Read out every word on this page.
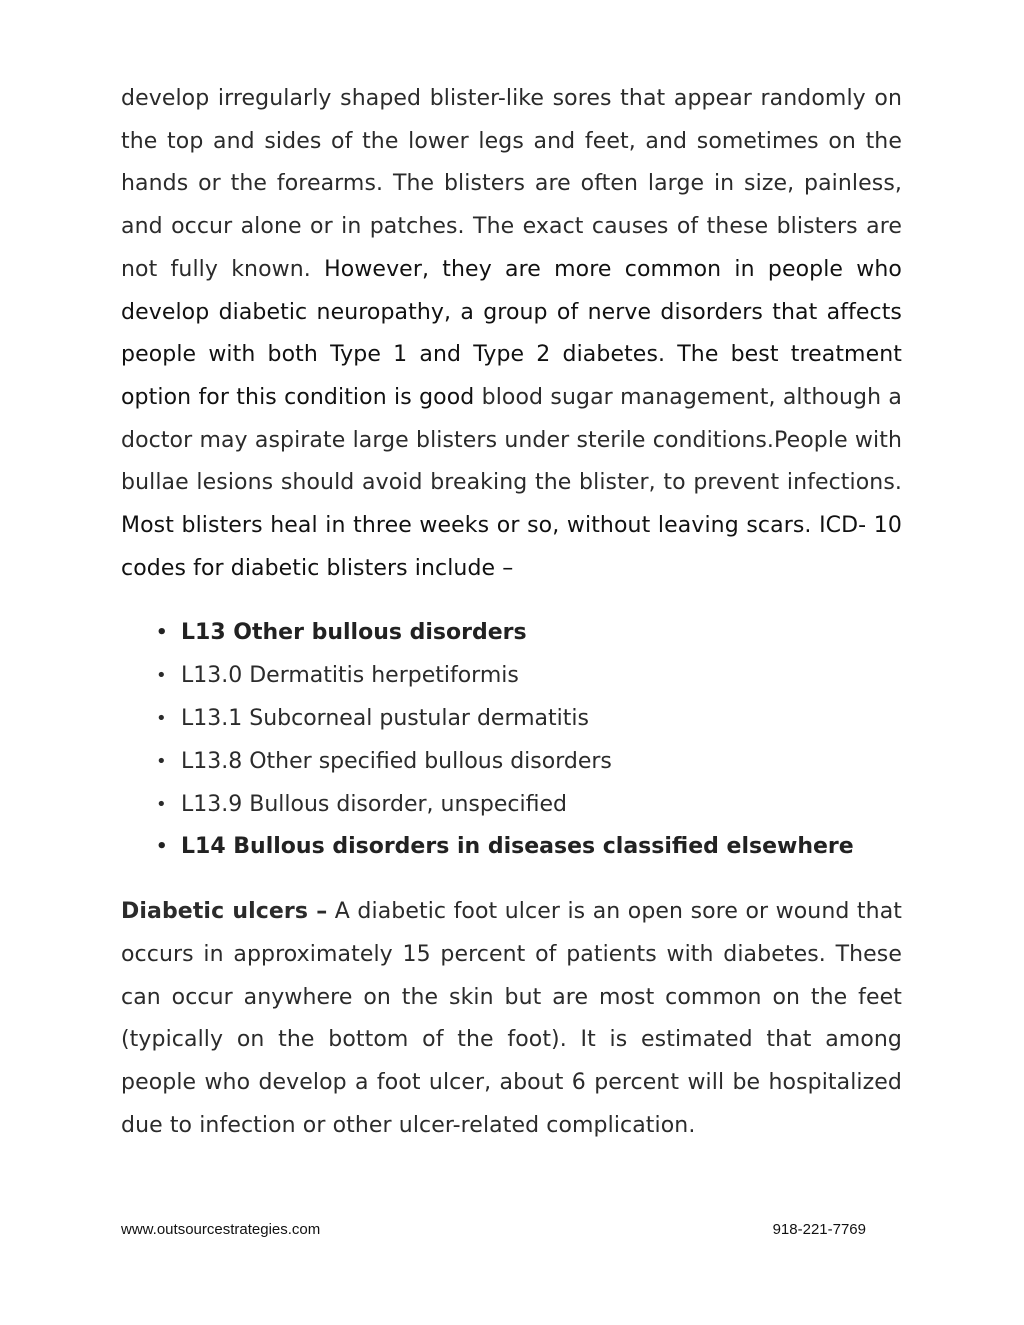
develop irregularly shaped blister-like sores that appear randomly on the top and sides of the lower legs and feet, and sometimes on the hands or the forearms. The blisters are often large in size, painless, and occur alone or in patches. The exact causes of these blisters are not fully known. However, they are more common in people who develop diabetic neuropathy, a group of nerve disorders that affects people with both Type 1 and Type 2 diabetes. The best treatment option for this condition is good blood sugar management, although a doctor may aspirate large blisters under sterile conditions.People with bullae lesions should avoid breaking the blister, to prevent infections. Most blisters heal in three weeks or so, without leaving scars. ICD- 10 codes for diabetic blisters include –

• L13 Other bullous disorders
• L13.0 Dermatitis herpetiformis
• L13.1 Subcorneal pustular dermatitis
• L13.8 Other specified bullous disorders
• L13.9 Bullous disorder, unspecified
• L14 Bullous disorders in diseases classified elsewhere

Diabetic ulcers – A diabetic foot ulcer is an open sore or wound that occurs in approximately 15 percent of patients with diabetes. These can occur anywhere on the skin but are most common on the feet (typically on the bottom of the foot). It is estimated that among people who develop a foot ulcer, about 6 percent will be hospitalized due to infection or other ulcer-related complication.

www.outsourcestrategies.com	918-221-7769
